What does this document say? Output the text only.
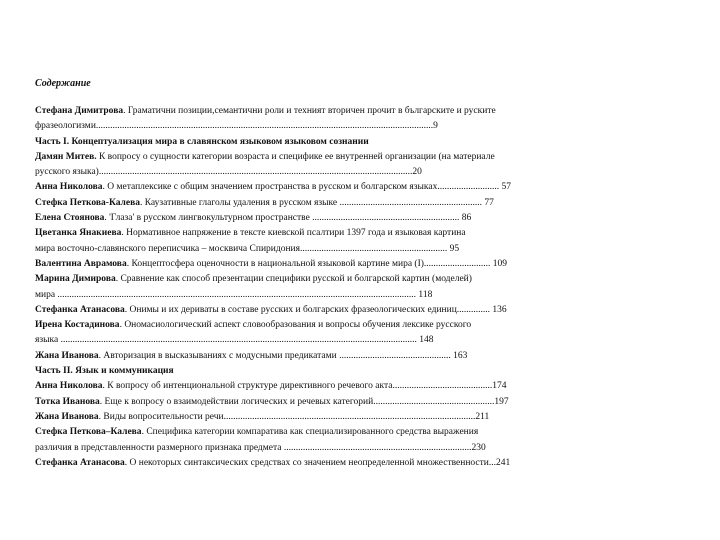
Содержание
Стефана Димитрова. Граматични позиции,семантични роли и техният вторичен прочит в българските и руските
фразеологизми..............................................................................................................................................9
Часть I. Концептуализация мира в славянском языковом языковом сознании
Дамян Митев. К вопросу о сущности категории возраста и специфике ее внутренней организации (на материале
русского языка)....................................................................................................................................20
Анна Николова. О метаплексике с общим значением пространства в русском и болгарском языках.......................... 57
Стефка Петкова-Калева. Каузативные глаголы удаления в русском языке ............................................................ 77
Елена Стоянова. 'Глаза' в русском лингвокультурном пространстве .............................................................. 86
Цветанка Янакиева. Нормативное напряжение в тексте киевской псалтири 1397 года и языковая картина
мира восточно-славянского переписчика – москвича Спиридония.............................................................. 95
Валентина Аврамова. Концептосфера оценочности в национальной языковой картине мира (I)............................ 109
Марина Димирова. Сравнение как способ презентации специфики русской и болгарской картин (моделей)
мира ....................................................................................................................................................... 118
Стефанка Атанасова. Онимы и их дериваты в составе русских и болгарских фразеологических единиц.............. 136
Ирена Костадинова. Ономасиологический аспект словообразования и вопросы обучения лексике русского
языка ...................................................................................................................................................... 148
Жана Иванова. Авторизация в высказываниях с модусными предикатами ............................................... 163
Часть II. Язык и коммуникация
Анна Николова. К вопросу об интенциональной структуре директивного речевого акта..........................................174
Тотка Иванова. Еще к вопросу о взаимодействии логических и речевых категорий...................................................197
Жана Иванова. Виды вопросительности речи..........................................................................................................211
Стефка Петкова–Калева. Специфика категории компаратива как специализированного средства выражения
различия в представленности размерного признака предмета ...............................................................................230
Стефанка Атанасова. О некоторых синтаксических средствах со значением неопределенной множественности...241
